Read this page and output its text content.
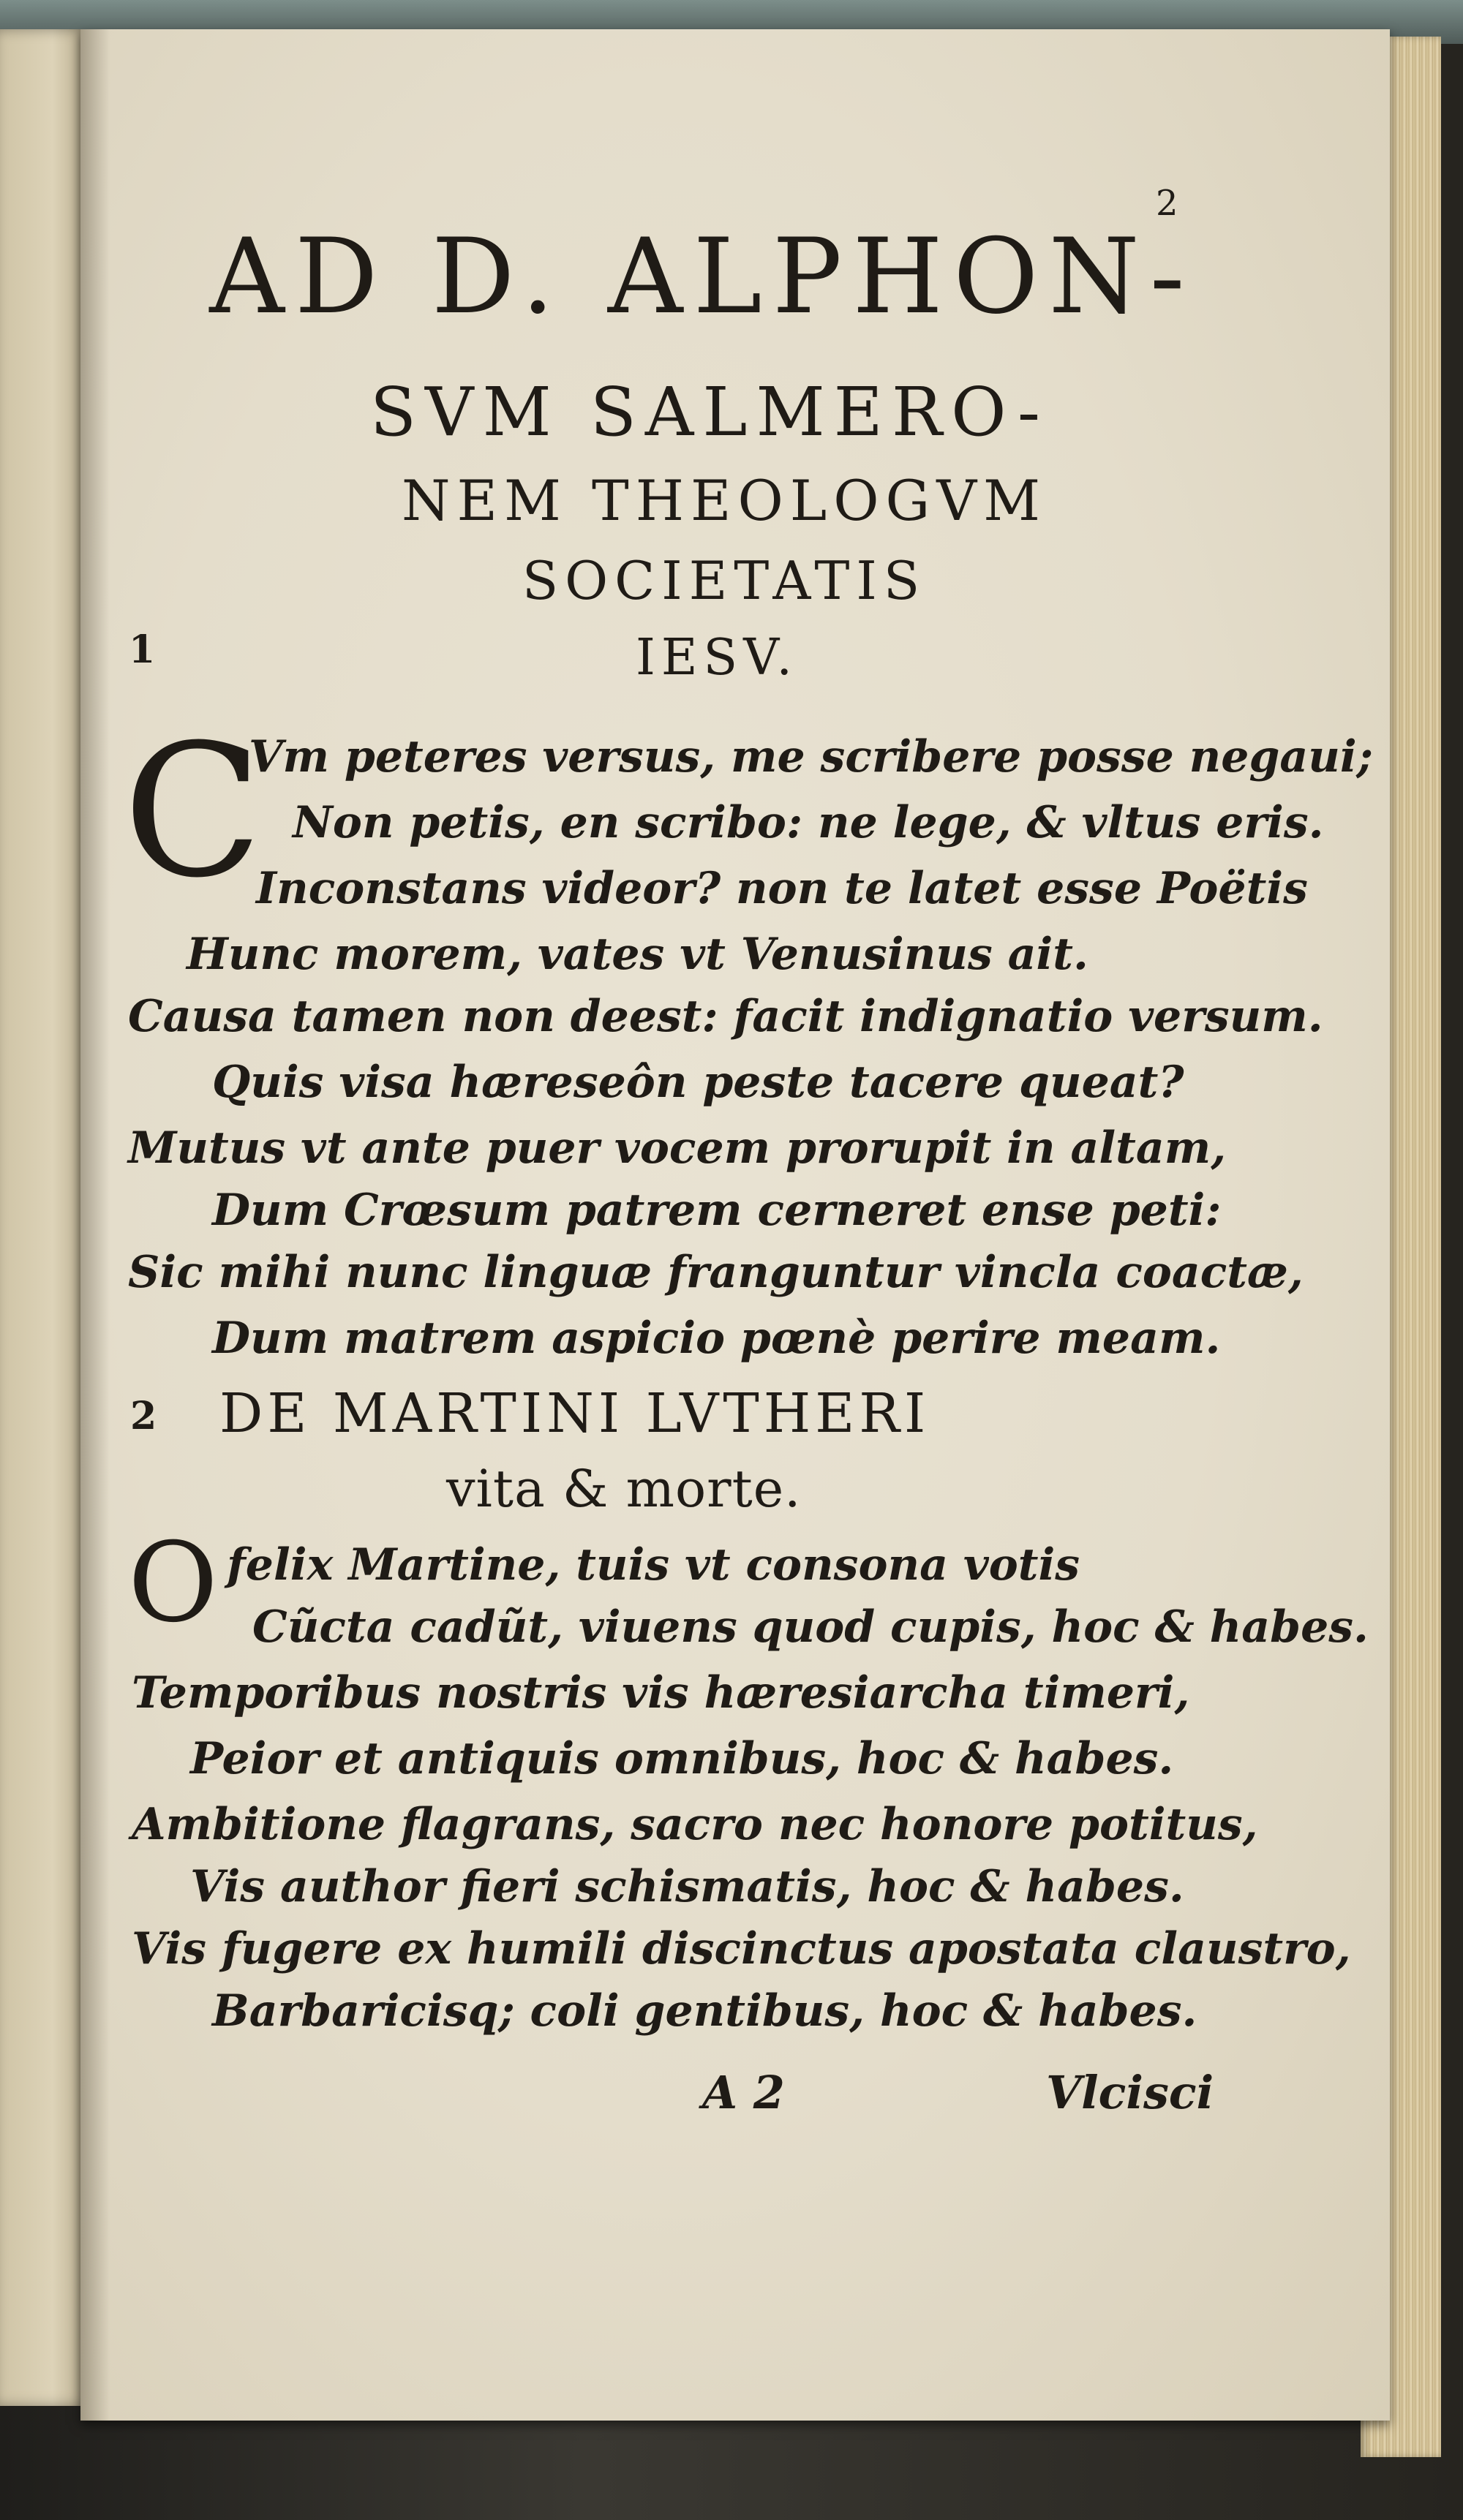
2
AD D. ALPHON-
SVM SALMERO-
NEM THEOLOGVM
SOCIETATIS
IESV.
1
2
C
Vm peteres versus, me scribere posse negaui;
Non petis, en scribo: ne lege, & vltus eris.
Inconstans videor? non te latet esse Poëtis
Hunc morem, vates vt Venusinus ait.
Causa tamen non deest: facit indignatio versum.
Quis visa hæreseôn peste tacere queat?
Mutus vt ante puer vocem prorupit in altam,
Dum Crœsum patrem cerneret ense peti:
Sic mihi nunc linguæ franguntur vincla coactæ,
Dum matrem aspicio pœnè perire meam.
DE MARTINI LVTHERI
vita & morte.
O felix Martine, tuis vt consona votis
Cũcta cadũt, viuens quod cupis, hoc & habes.
Temporibus nostris vis hæresiarcha timeri,
Peior et antiquis omnibus, hoc & habes.
Ambitione flagrans, sacro nec honore potitus,
Vis author fieri schismatis, hoc & habes.
Vis fugere ex humili discinctus apostata claustro,
Barbaricisq; coli gentibus, hoc & habes.
A 2	Vlcisci
